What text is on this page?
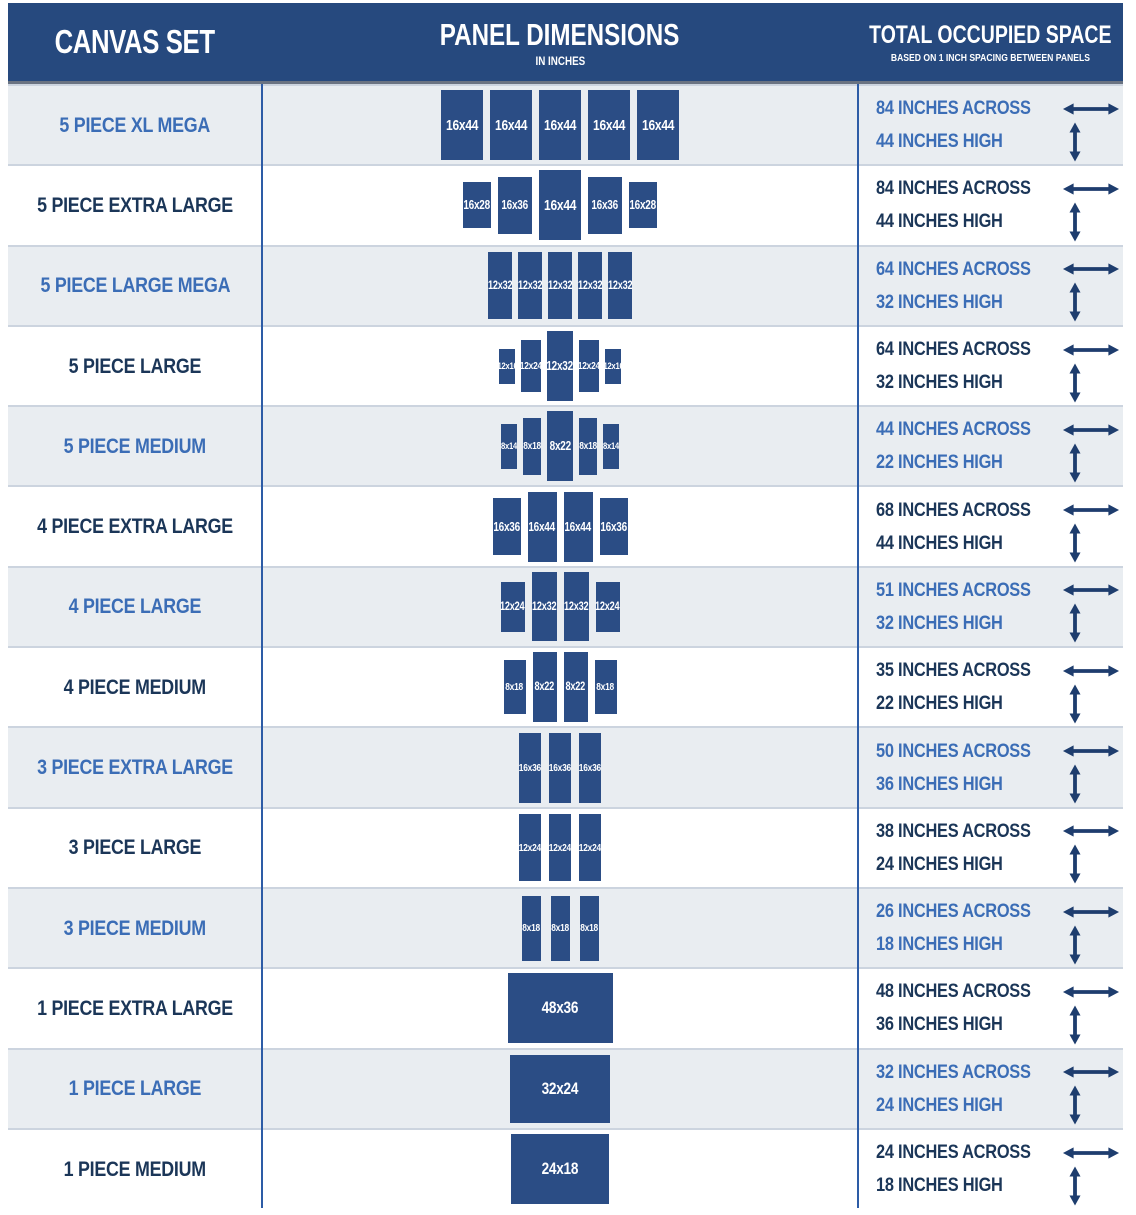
CANVAS SET	PANEL DIMENSIONS
IN INCHES
TOTAL OCCUPIED SPACE
BASED ON 1 INCH SPACING BETWEEN PANELS
5 PIECE XL MEGA	16x44 16x44 16x44 16x44 16x44
84 INCHES ACROSS
44 INCHES HIGH
5 PIECE EXTRA LARGE	16x28 16x36 16x44 16x36 16x28
84 INCHES ACROSS
44 INCHES HIGH
5 PIECE LARGE MEGA	12x32 12x32 12x32 12x32 12x32
64 INCHES ACROSS
32 INCHES HIGH
5 PIECE LARGE	12x16 12x24 12x32 12x24 12x16
64 INCHES ACROSS
32 INCHES HIGH
5 PIECE MEDIUM	8x14 8x18 8x22 8x18 8x14
44 INCHES ACROSS
22 INCHES HIGH
4 PIECE EXTRA LARGE	16x36 16x44 16x44 16x36
68 INCHES ACROSS
44 INCHES HIGH
4 PIECE LARGE	12x24 12x32 12x32 12x24
51 INCHES ACROSS
32 INCHES HIGH
4 PIECE MEDIUM	8x18 8x22 8x22 8x18
35 INCHES ACROSS
22 INCHES HIGH
3 PIECE EXTRA LARGE	16x36 16x36 16x36
50 INCHES ACROSS
36 INCHES HIGH
3 PIECE LARGE	12x24 12x24 12x24
38 INCHES ACROSS
24 INCHES HIGH
3 PIECE MEDIUM	8x18 8x18 8x18
26 INCHES ACROSS
18 INCHES HIGH
1 PIECE EXTRA LARGE	48x36
48 INCHES ACROSS
36 INCHES HIGH
1 PIECE LARGE	32x24
32 INCHES ACROSS
24 INCHES HIGH
1 PIECE MEDIUM	24x18
24 INCHES ACROSS
18 INCHES HIGH
